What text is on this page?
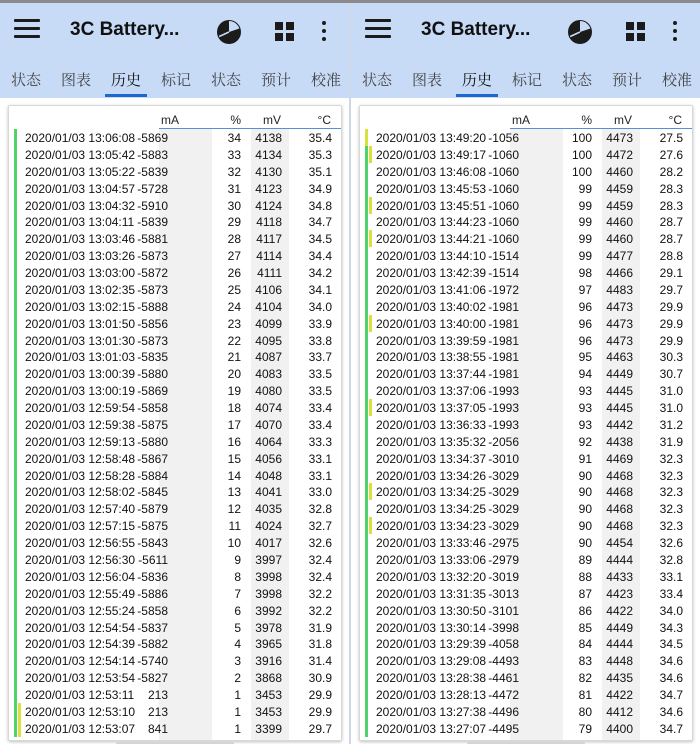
3C Battery...
状态 图表 历史 标记 状态 预计 校准
mA	%	mV	°C
2020/01/03 13:06:08 -5869	34 4138 35.4
2020/01/03 13:05:42 -5883	33 4134 35.3
2020/01/03 13:05:22 -5839	32 4130 35.1
2020/01/03 13:04:57 -5728	31 4123 34.9
2020/01/03 13:04:32 -5910	30 4124 34.8
2020/01/03 13:04:11 -5839	29 4118 34.7
2020/01/03 13:03:46 -5881	28 4117 34.5
2020/01/03 13:03:26 -5873	27 4114 34.4
2020/01/03 13:03:00 -5872	26 4111 34.2
2020/01/03 13:02:35 -5873	25 4106 34.1
2020/01/03 13:02:15 -5888	24 4104 34.0
2020/01/03 13:01:50 -5856	23 4099 33.9
2020/01/03 13:01:30 -5873	22 4095 33.8
2020/01/03 13:01:03 -5835	21 4087 33.7
2020/01/03 13:00:39 -5880	20 4083 33.5
2020/01/03 13:00:19 -5869	19 4080 33.5
2020/01/03 12:59:54 -5858	18 4074 33.4
2020/01/03 12:59:38 -5875	17 4070 33.4
2020/01/03 12:59:13 -5880	16 4064 33.3
2020/01/03 12:58:48 -5867	15 4056 33.1
2020/01/03 12:58:28 -5884	14 4048 33.1
2020/01/03 12:58:02 -5845	13 4041 33.0
2020/01/03 12:57:40 -5879	12 4035 32.8
2020/01/03 12:57:15 -5875	11 4024 32.7
2020/01/03 12:56:55 -5843	10 4017 32.6
2020/01/03 12:56:30 -5611	9 3997 32.4
2020/01/03 12:56:04 -5836	8 3998 32.4
2020/01/03 12:55:49 -5886	7 3998 32.2
2020/01/03 12:55:24 -5858	6 3992 32.2
2020/01/03 12:54:54 -5837	5 3978 31.9
2020/01/03 12:54:39 -5882	4 3965 31.8
2020/01/03 12:54:14 -5740	3 3916 31.4
2020/01/03 12:53:54 -5827	2 3868 30.9
2020/01/03 12:53:11 213	1 3453 29.9
2020/01/03 12:53:10 213	1 3453 29.9
2020/01/03 12:53:07 841	1 3399 29.7
3C Battery...
状态 图表 历史 标记 状态 预计 校准
mA	%	mV	°C
2020/01/03 13:49:20 -1056	100 4473 27.5
2020/01/03 13:49:17 -1060	100 4472 27.6
2020/01/03 13:46:08 -1060	100 4460 28.2
2020/01/03 13:45:53 -1060	99 4459 28.3
2020/01/03 13:45:51 -1060	99 4459 28.3
2020/01/03 13:44:23 -1060	99 4460 28.7
2020/01/03 13:44:21 -1060	99 4460 28.7
2020/01/03 13:44:10 -1514	99 4477 28.8
2020/01/03 13:42:39 -1514	98 4466 29.1
2020/01/03 13:41:06 -1972	97 4483 29.7
2020/01/03 13:40:02 -1981	96 4473 29.9
2020/01/03 13:40:00 -1981	96 4473 29.9
2020/01/03 13:39:59 -1981	96 4473 29.9
2020/01/03 13:38:55 -1981	95 4463 30.3
2020/01/03 13:37:44 -1981	94 4449 30.7
2020/01/03 13:37:06 -1993	93 4445 31.0
2020/01/03 13:37:05 -1993	93 4445 31.0
2020/01/03 13:36:33 -1993	93 4442 31.2
2020/01/03 13:35:32 -2056	92 4438 31.9
2020/01/03 13:34:37 -3010	91 4469 32.3
2020/01/03 13:34:26 -3029	90 4468 32.3
2020/01/03 13:34:25 -3029	90 4468 32.3
2020/01/03 13:34:25 -3029	90 4468 32.3
2020/01/03 13:34:23 -3029	90 4468 32.3
2020/01/03 13:33:46 -2975	90 4454 32.6
2020/01/03 13:33:06 -2979	89 4444 32.8
2020/01/03 13:32:20 -3019	88 4433 33.1
2020/01/03 13:31:35 -3013	87 4423 33.4
2020/01/03 13:30:50 -3101	86 4422 34.0
2020/01/03 13:30:14 -3998	85 4449 34.3
2020/01/03 13:29:39 -4058	84 4444 34.5
2020/01/03 13:29:08 -4493	83 4448 34.6
2020/01/03 13:28:38 -4461	82 4435 34.6
2020/01/03 13:28:13 -4472	81 4422 34.7
2020/01/03 13:27:38 -4496	80 4412 34.6
2020/01/03 13:27:07 -4495	79 4400 34.7
